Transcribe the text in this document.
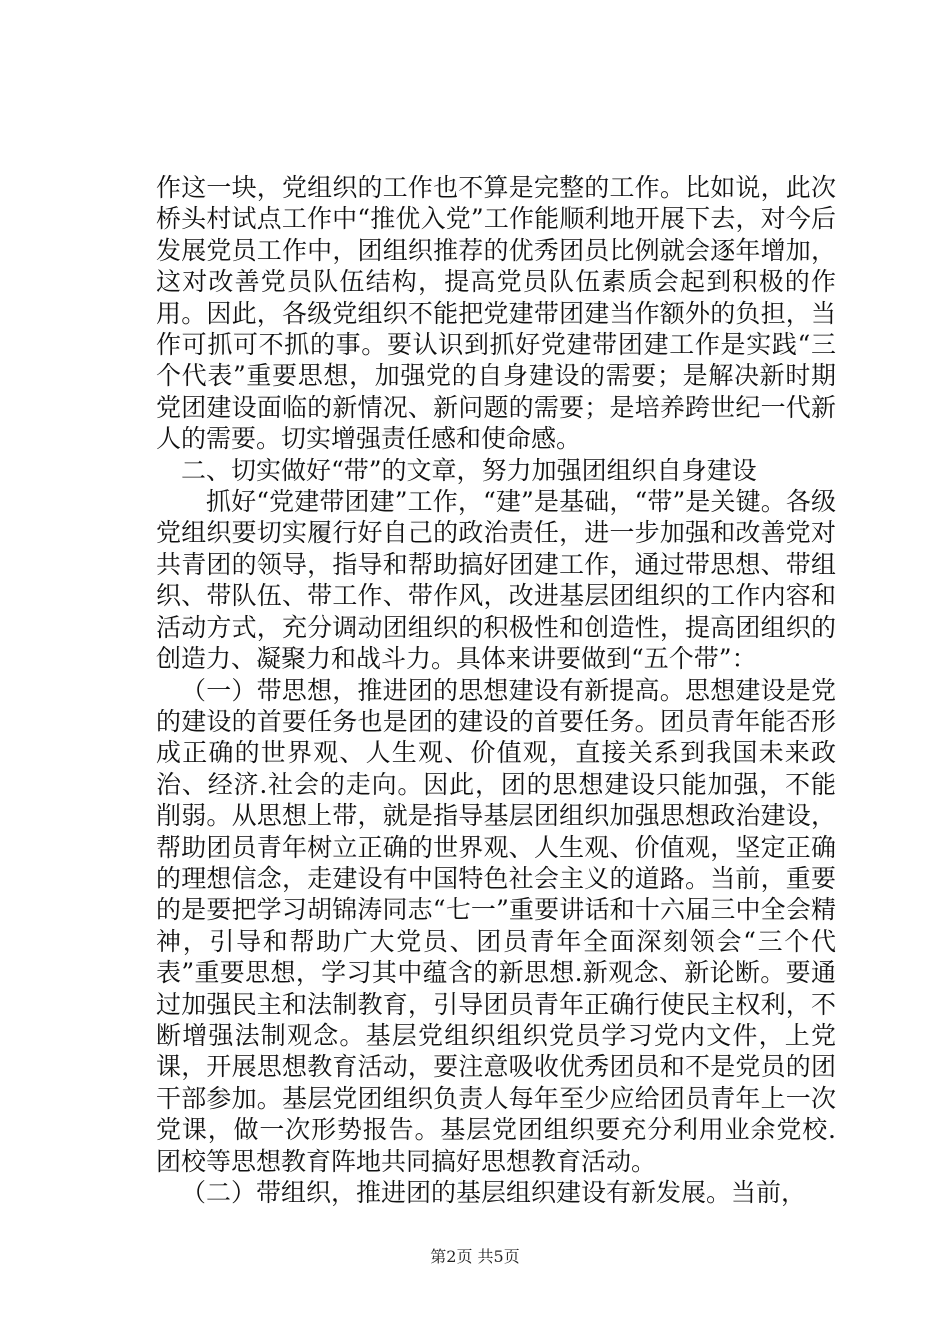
作这一块，党组织的工作也不算是完整的工作。比如说，此次桥头村试点工作中“推优入党”工作能顺利地开展下去，对今后发展党员工作中，团组织推荐的优秀团员比例就会逐年增加，这对改善党员队伍结构，提高党员队伍素质会起到积极的作用。因此，各级党组织不能把党建带团建当作额外的负担，当作可抓可不抓的事。要认识到抓好党建带团建工作是实践“三个代表”重要思想，加强党的自身建设的需要；是解决新时期党团建设面临的新情况、新问题的需要；是培养跨世纪一代新人的需要。切实增强责任感和使命感。

二、切实做好“带”的文章，努力加强团组织自身建设

抓好“党建带团建”工作，“建”是基础，“带”是关键。各级党组织要切实履行好自己的政治责任，进一步加强和改善党对共青团的领导，指导和帮助搞好团建工作，通过带思想、带组织、带队伍、带工作、带作风，改进基层团组织的工作内容和活动方式，充分调动团组织的积极性和创造性，提高团组织的创造力、凝聚力和战斗力。具体来讲要做到“五个带”：

（一）带思想，推进团的思想建设有新提高。思想建设是党的建设的首要任务也是团的建设的首要任务。团员青年能否形成正确的世界观、人生观、价值观，直接关系到我国未来政治、经济.社会的走向。因此，团的思想建设只能加强，不能削弱。从思想上带，就是指导基层团组织加强思想政治建设，帮助团员青年树立正确的世界观、人生观、价值观，坚定正确的理想信念，走建设有中国特色社会主义的道路。当前，重要的是要把学习胡锦涛同志“七一”重要讲话和十六届三中全会精神，引导和帮助广大党员、团员青年全面深刻领会“三个代表”重要思想，学习其中蕴含的新思想.新观念、新论断。要通过加强民主和法制教育，引导团员青年正确行使民主权利，不断增强法制观念。基层党组织组织党员学习党内文件，上党课，开展思想教育活动，要注意吸收优秀团员和不是党员的团干部参加。基层党团组织负责人每年至少应给团员青年上一次党课，做一次形势报告。基层党团组织要充分利用业余党校.团校等思想教育阵地共同搞好思想教育活动。

（二）带组织，推进团的基层组织建设有新发展。当前，

第2页 共5页
